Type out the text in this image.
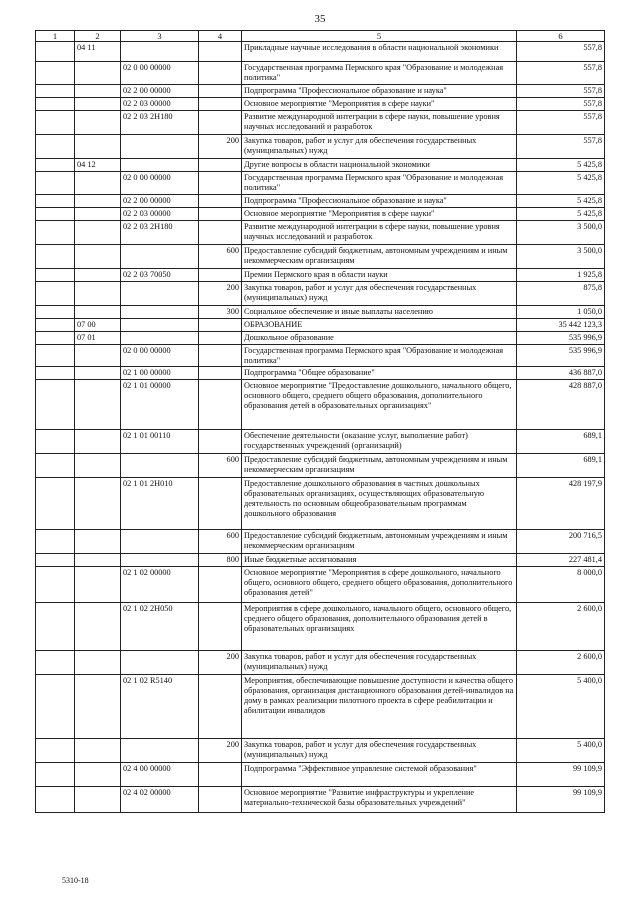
35
1	2	3	4	5	6
	04 11			Прикладные научные исследования в области национальной экономики	557,8
		02 0 00 00000		Государственная программа Пермского края "Образование и молодежная политика"	557,8
		02 2 00 00000		Подпрограмма "Профессиональное образование и наука"	557,8
		02 2 03 00000		Основное мероприятие "Мероприятия в сфере науки"	557,8
		02 2 03 2Н180		Развитие международной интеграции в сфере науки, повышение уровня научных исследований и разработок	557,8
			200	Закупка товаров, работ и услуг для обеспечения государственных (муниципальных) нужд	557,8
	04 12			Другие вопросы в области национальной экономики	5 425,8
		02 0 00 00000		Государственная программа Пермского края "Образование и молодежная политика"	5 425,8
		02 2 00 00000		Подпрограмма "Профессиональное образование и наука"	5 425,8
		02 2 03 00000		Основное мероприятие "Мероприятия в сфере науки"	5 425,8
		02 2 03 2Н180		Развитие международной интеграции в сфере науки, повышение уровня научных исследований и разработок	3 500,0
			600	Предоставление субсидий бюджетным, автономным учреждениям и иным некоммерческим организациям	3 500,0
		02 2 03 70050		Премии Пермского края в области науки	1 925,8
			200	Закупка товаров, работ и услуг для обеспечения государственных (муниципальных) нужд	875,8
			300	Социальное обеспечение и иные выплаты населению	1 050,0
	07 00			ОБРАЗОВАНИЕ	35 442 123,3
	07 01			Дошкольное образование	535 996,9
		02 0 00 00000		Государственная программа Пермского края "Образование и молодежная политика"	535 996,9
		02 1 00 00000		Подпрограмма "Общее образование"	436 887,0
		02 1 01 00000		Основное мероприятие "Предоставление дошкольного, начального общего, основного общего, среднего общего образования, дополнительного образования детей в образовательных организациях"	428 887,0
		02 1 01 00110		Обеспечение деятельности (оказание услуг, выполнение работ) государственных учреждений (организаций)	689,1
			600	Предоставление субсидий бюджетным, автономным учреждениям и иным некоммерческим организациям	689,1
		02 1 01 2Н010		Предоставление дошкольного образования в частных дошкольных образовательных организациях, осуществляющих образовательную деятельность по основным общеобразовательным программам дошкольного образования	428 197,9
			600	Предоставление субсидий бюджетным, автономным учреждениям и иным некоммерческим организациям	200 716,5
			800	Иные бюджетные ассигнования	227 481,4
		02 1 02 00000		Основное мероприятие "Мероприятия в сфере дошкольного, начального общего, основного общего, среднего общего образования, дополнительного образования детей"	8 000,0
		02 1 02 2Н050		Мероприятия в сфере дошкольного, начального общего, основного общего, среднего общего образования, дополнительного образования детей в образовательных организациях	2 600,0
			200	Закупка товаров, работ и услуг для обеспечения государственных (муниципальных) нужд	2 600,0
		02 1 02 R5140		Мероприятия, обеспечивающие повышение доступности и качества общего образования, организация дистанционного образования детей-инвалидов на дому в рамках реализации пилотного проекта в сфере реабилитации и абилитации инвалидов	5 400,0
			200	Закупка товаров, работ и услуг для обеспечения государственных (муниципальных) нужд	5 400,0
		02 4 00 00000		Подпрограмма "Эффективное управление системой образования"	99 109,9
		02 4 02 00000		Основное мероприятие "Развитие инфраструктуры и укрепление материально-технической базы образовательных учреждений"	99 109,9
5310-18
